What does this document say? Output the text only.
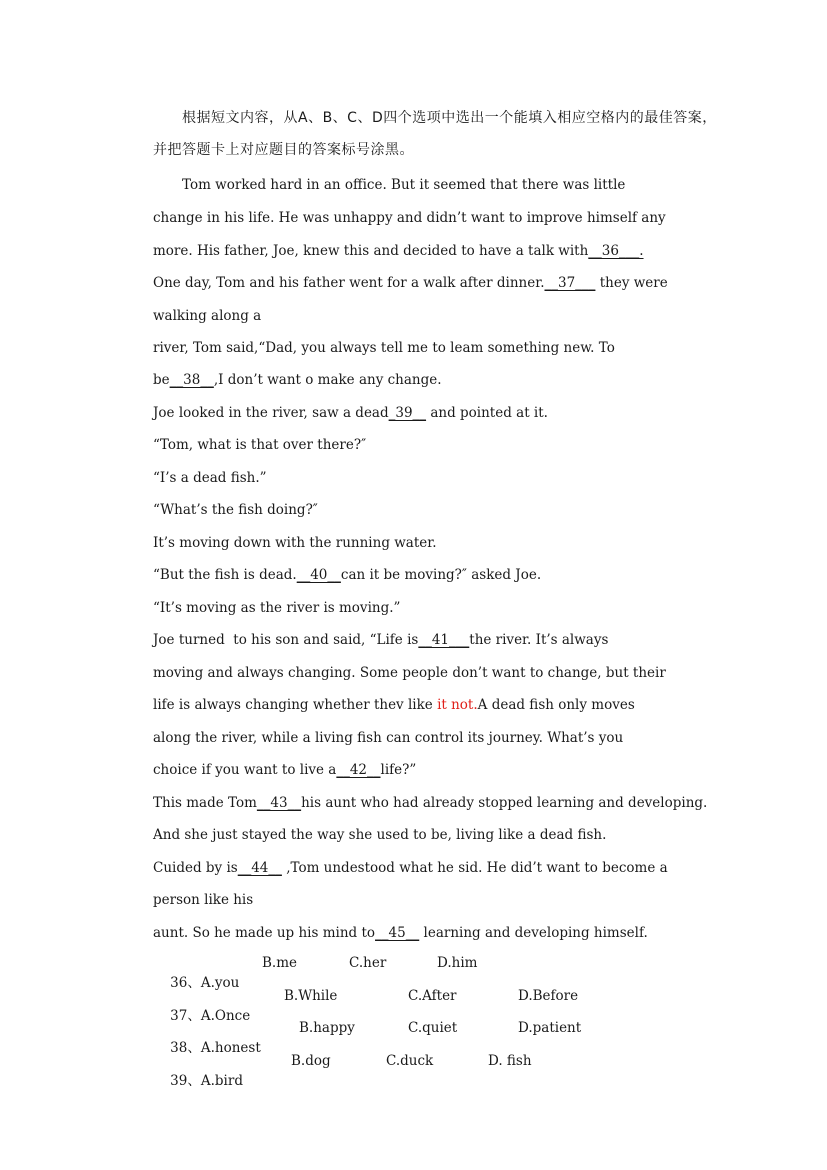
根据短文内容，从A、B、C、D四个选项中选出一个能填入相应空格内的最佳答案，
并把答题卡上对应题目的答案标号涂黑。
Tom worked hard in an office. But it seemed that there was little
change in his life. He was unhappy and didn’t want to improve himself any
more. His father, Joe, knew this and decided to have a talk with__36___.
One day, Tom and his father went for a walk after dinner.__37___ they were
walking along a
river, Tom said,“Dad, you always tell me to leam something new. To
be__38__,I don’t want o make any change.
Joe looked in the river, saw a dead_39__ and pointed at it.
“Tom, what is that over there?″
“I’s a dead fish.”
“What’s the fish doing?″
It’s moving down with the running water.
“But the fish is dead.__40__can it be moving?″ asked Joe.
“It’s moving as the river is moving.”
Joe turned  to his son and said, “Life is__41___the river. It’s always
moving and always changing. Some people don’t want to change, but their
life is always changing whether thev like it not.A dead fish only moves
along the river, while a living fish can control its journey. What’s you
choice if you want to live a__42__life?”
This made Tom__43__his aunt who had already stopped learning and developing.
And she just stayed the way she used to be, living like a dead fish.
Cuided by is__44__ ,Tom undestood what he sid. He did’t want to become a
person like his
aunt. So he made up his mind to__45__ learning and developing himself.

36、A.you

B.me	C.her	D.him

37、A.Once

B.While	C.After	D.Before

38、A.honest

B.happy	C.quiet	D.patient

39、A.bird

B.dog	C.duck	D. fish
